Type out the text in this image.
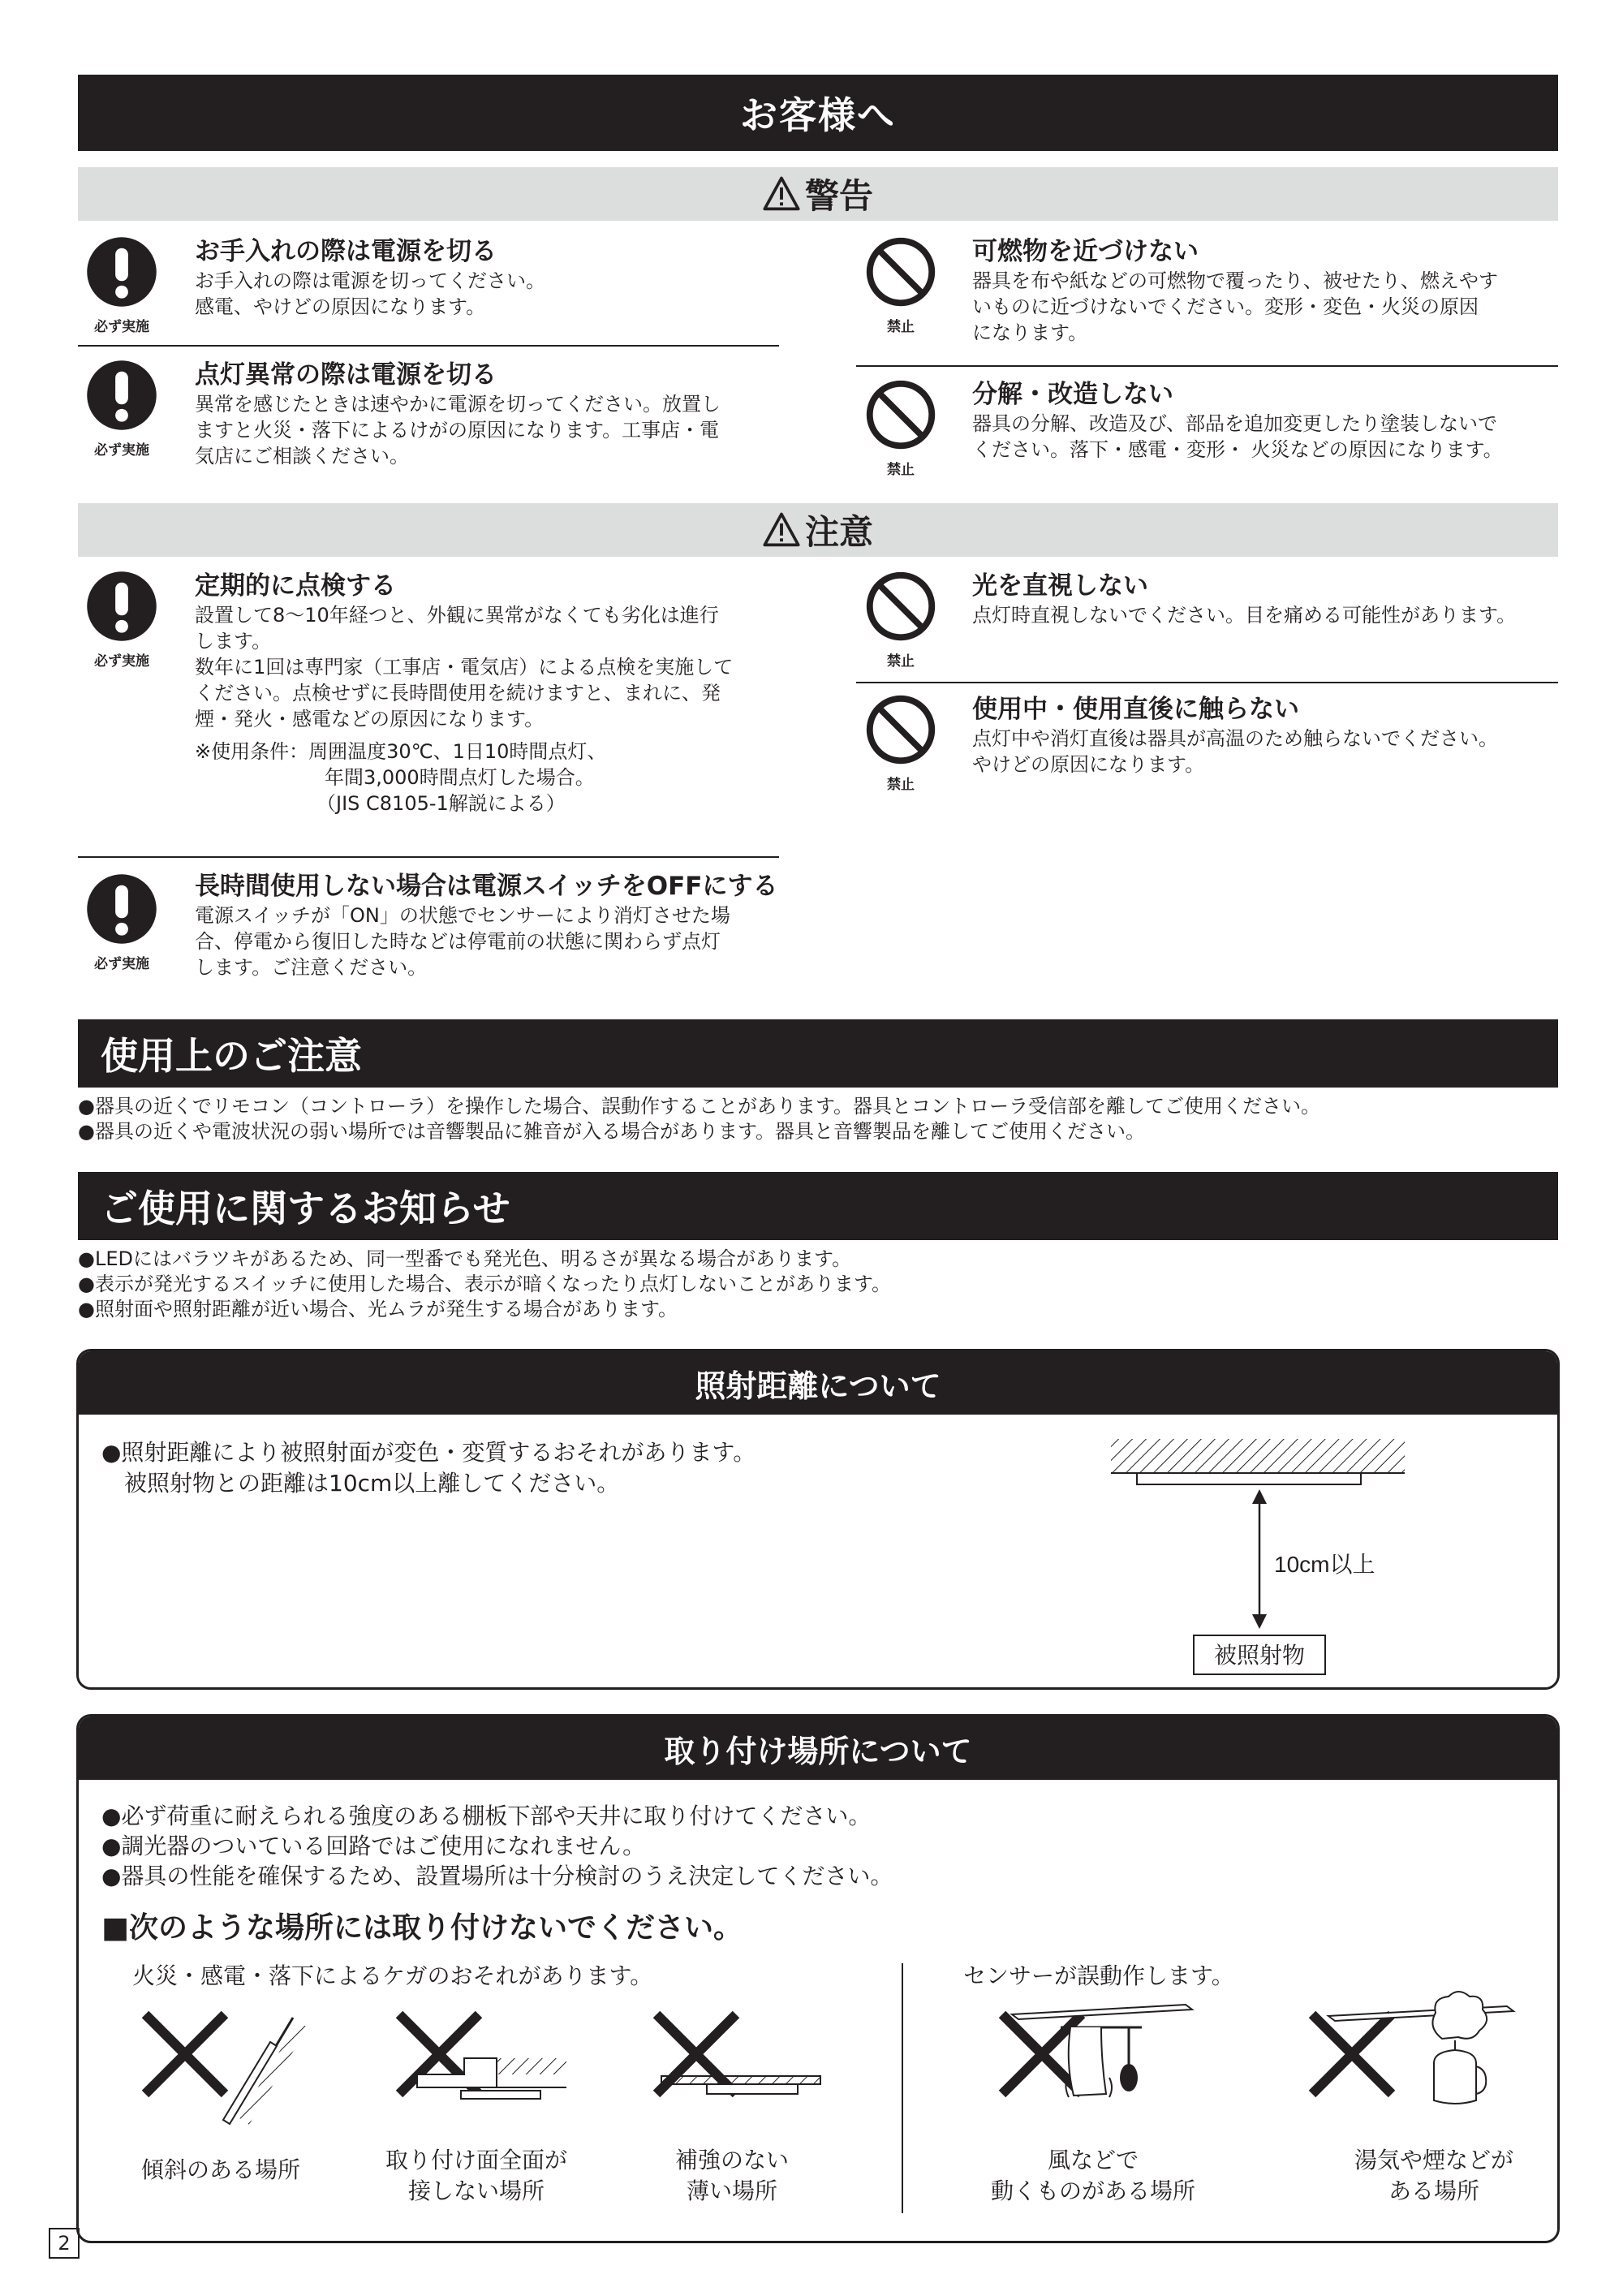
お客様へ
警告
必ず実施
お手入れの際は電源を切る
お手入れの際は電源を切ってください。
感電、やけどの原因になります。
必ず実施
点灯異常の際は電源を切る
異常を感じたときは速やかに電源を切ってください。放置し
ますと火災・落下によるけがの原因になります。工事店・電
気店にご相談ください。
禁止
可燃物を近づけない
器具を布や紙などの可燃物で覆ったり、被せたり、燃えやす
いものに近づけないでください。変形・変色・火災の原因
になります。
禁止
分解・改造しない
器具の分解、改造及び、部品を追加変更したり塗装しないで
ください。落下・感電・変形・ 火災などの原因になります。
注意
必ず実施
定期的に点検する
設置して8～10年経つと、外観に異常がなくても劣化は進行
します。
数年に1回は専門家（工事店・電気店）による点検を実施して
ください。点検せずに長時間使用を続けますと、まれに、発
煙・発火・感電などの原因になります。
※使用条件：周囲温度30℃、1日10時間点灯、
年間3,000時間点灯した場合。
（JIS C8105-1解説による）
必ず実施
長時間使用しない場合は電源スイッチをOFFにする
電源スイッチが「ON」の状態でセンサーにより消灯させた場
合、停電から復旧した時などは停電前の状態に関わらず点灯
します。ご注意ください。
禁止
光を直視しない
点灯時直視しないでください。目を痛める可能性があります。
禁止
使用中・使用直後に触らない
点灯中や消灯直後は器具が高温のため触らないでください。
やけどの原因になります。
使用上のご注意
●器具の近くでリモコン（コントローラ）を操作した場合、誤動作することがあります。器具とコントローラ受信部を離してご使用ください。
●器具の近くや電波状況の弱い場所では音響製品に雑音が入る場合があります。器具と音響製品を離してご使用ください。
ご使用に関するお知らせ
●LEDにはバラツキがあるため、同一型番でも発光色、明るさが異なる場合があります。
●表示が発光するスイッチに使用した場合、表示が暗くなったり点灯しないことがあります。
●照射面や照射距離が近い場合、光ムラが発生する場合があります。
照射距離について
●照射距離により被照射面が変色・変質するおそれがあります。
　被照射物との距離は10cm以上離してください。
10cm以上
被照射物
取り付け場所について
●必ず荷重に耐えられる強度のある棚板下部や天井に取り付けてください。
●調光器のついている回路ではご使用になれません。
●器具の性能を確保するため、設置場所は十分検討のうえ決定してください。
■次のような場所には取り付けないでください。
火災・感電・落下によるケガのおそれがあります。	センサーが誤動作します。
傾斜のある場所	取り付け面全面が
接しない場所
補強のない
薄い場所
風などで
動くものがある場所
湯気や煙などが
ある場所
2
